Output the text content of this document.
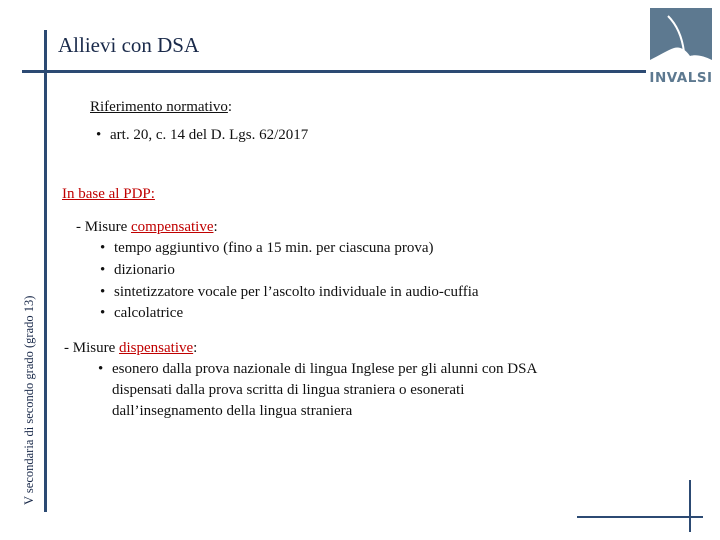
Allievi con DSA
V secondaria di secondo grado (grado 13)
INVALSI
Riferimento normativo:
• art. 20, c. 14 del D. Lgs. 62/2017
In base al PDP:
- Misure compensative:
• tempo aggiuntivo (fino a 15 min. per ciascuna prova)
• dizionario
• sintetizzatore vocale per l’ascolto individuale in audio-cuffia
• calcolatrice
- Misure dispensative:
• esonero dalla prova nazionale di lingua Inglese per gli alunni con DSA
dispensati dalla prova scritta di lingua straniera o esonerati
dall’insegnamento della lingua straniera
